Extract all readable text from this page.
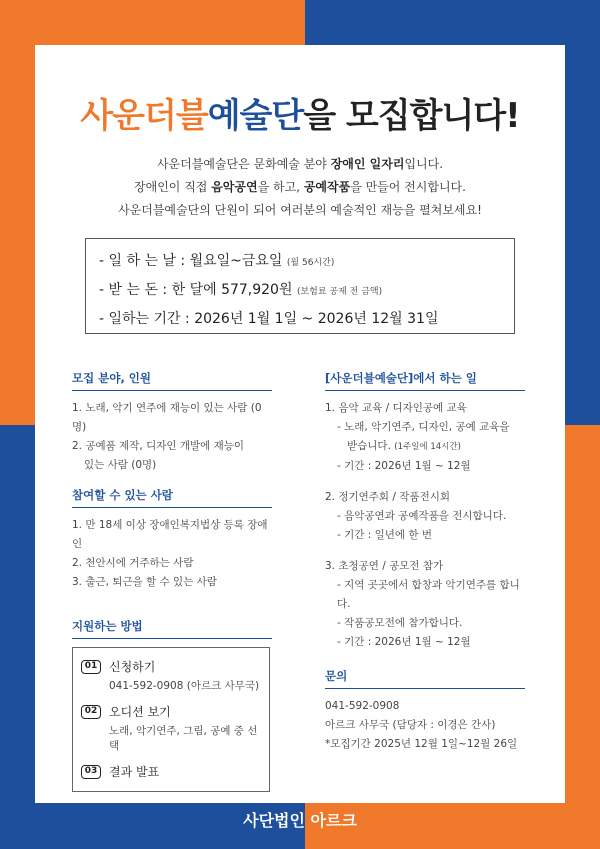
사운더블예술단을 모집합니다!
사운더블예술단은 문화예술 분야 장애인 일자리입니다.
장애인이 직접 음악공연을 하고, 공예작품을 만들어 전시합니다.
사운더블예술단의 단원이 되어 여러분의 예술적인 재능을 펼쳐보세요!
- 일 하 는 날 : 월요일~금요일 (월 56시간)
- 받 는 돈 : 한 달에 577,920원 (보험료 공제 전 금액)
- 일하는 기간 : 2026년 1월 1일 ~ 2026년 12월 31일
모집 분야, 인원
1. 노래, 악기 연주에 재능이 있는 사람 (0명)
2. 공예품 제작, 디자인 개발에 재능이
있는 사람 (0명)
참여할 수 있는 사람
1. 만 18세 이상 장애인복지법상 등록 장애인
2. 천안시에 거주하는 사람
3. 출근, 퇴근을 할 수 있는 사람
지원하는 방법
01 신청하기
041-592-0908 (아르크 사무국)
02 오디션 보기
노래, 악기연주, 그림, 공예 중 선택
03 결과 발표
[사운더블예술단]에서 하는 일
1. 음악 교육 / 디자인공예 교육
- 노래, 악기연주, 디자인, 공예 교육을
받습니다. (1주일에 14시간)
- 기간 : 2026년 1월 ~ 12월
2. 정기연주회 / 작품전시회
- 음악공연과 공예작품을 전시합니다.
- 기간 : 일년에 한 번
3. 초청공연 / 공모전 참가
- 지역 곳곳에서 합창과 악기연주를 합니다.
- 작품공모전에 참가합니다.
- 기간 : 2026년 1월 ~ 12월
문의
041-592-0908
아르크 사무국 (담당자 : 이경은 간사)
*모집기간 2025년 12월 1일~12월 26일
사단법인 아르크
